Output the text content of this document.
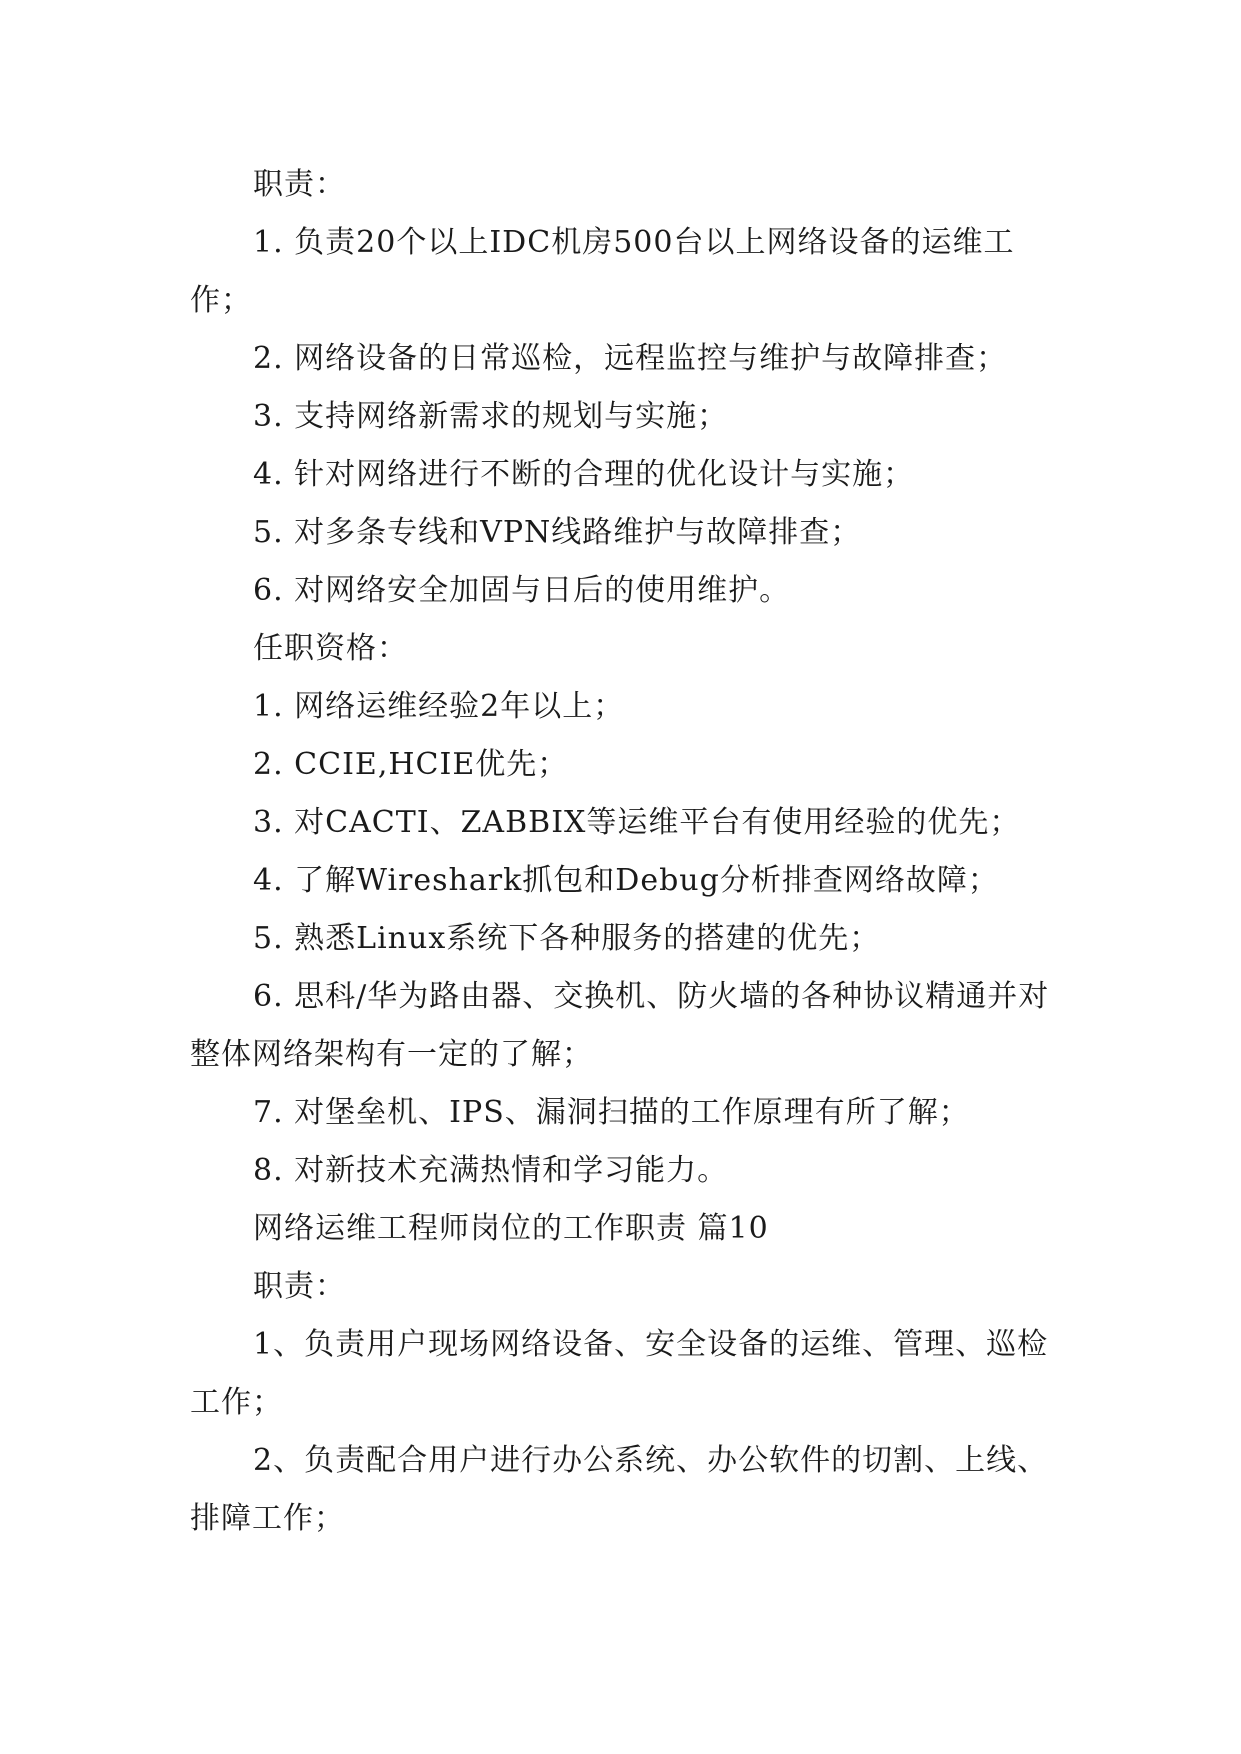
职责：

1. 负责20个以上IDC机房500台以上网络设备的运维工作；

2. 网络设备的日常巡检，远程监控与维护与故障排查；

3. 支持网络新需求的规划与实施；

4. 针对网络进行不断的合理的优化设计与实施；

5. 对多条专线和VPN线路维护与故障排查；

6. 对网络安全加固与日后的使用维护。

任职资格：

1. 网络运维经验2年以上；

2. CCIE,HCIE优先；

3. 对CACTI、ZABBIX等运维平台有使用经验的优先；

4. 了解Wireshark抓包和Debug分析排查网络故障；

5. 熟悉Linux系统下各种服务的搭建的优先；

6. 思科/华为路由器、交换机、防火墙的各种协议精通并对整体网络架构有一定的了解；

7. 对堡垒机、IPS、漏洞扫描的工作原理有所了解；

8. 对新技术充满热情和学习能力。

网络运维工程师岗位的工作职责 篇10

职责：

1、负责用户现场网络设备、安全设备的运维、管理、巡检 工作；

2、负责配合用户进行办公系统、办公软件的切割、上线、排障工作；
